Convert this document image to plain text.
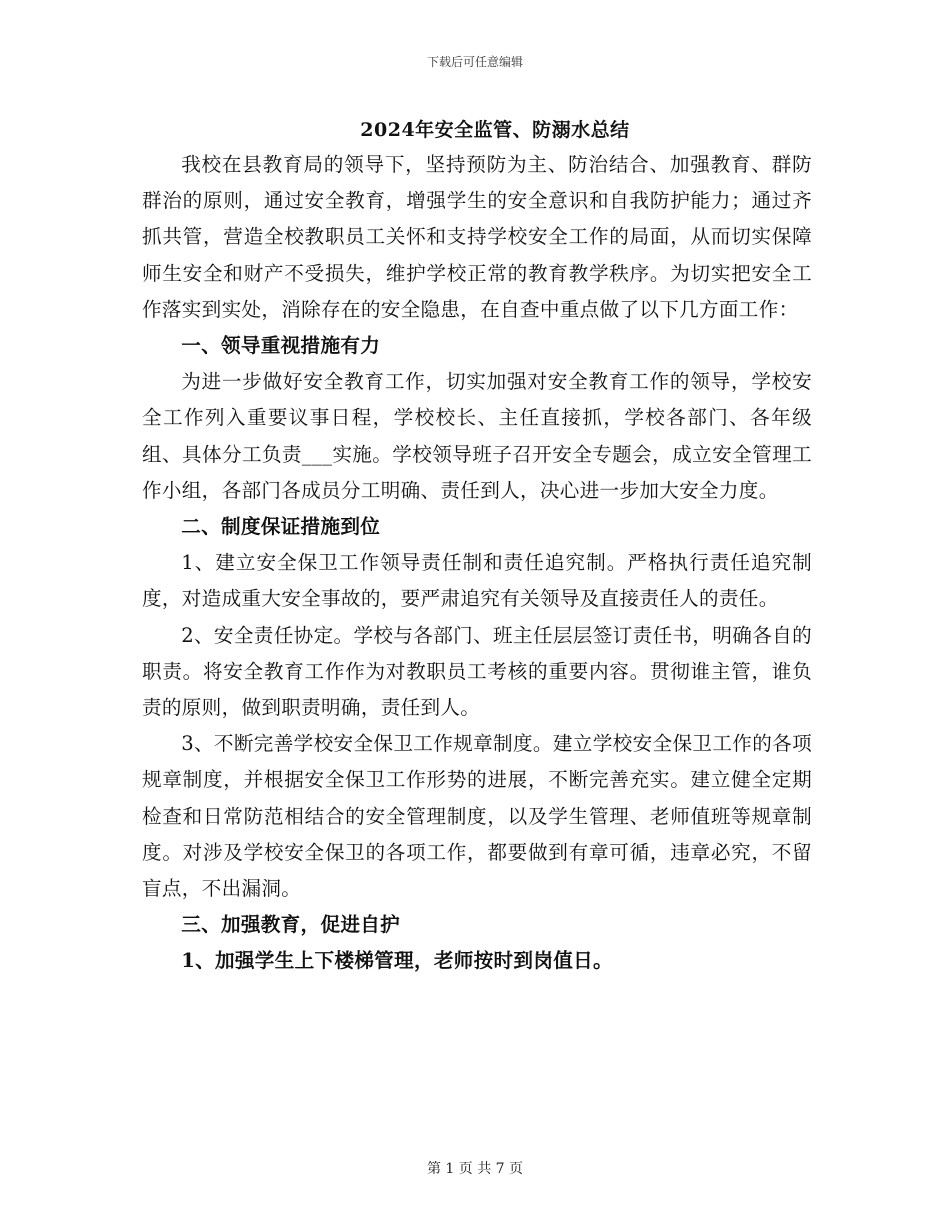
下载后可任意编辑
2024年安全监管、防溺水总结

我校在县教育局的领导下，坚持预防为主、防治结合、加强教育、群防群治的原则，通过安全教育，增强学生的安全意识和自我防护能力；通过齐抓共管，营造全校教职员工关怀和支持学校安全工作的局面，从而切实保障师生安全和财产不受损失，维护学校正常的教育教学秩序。为切实把安全工作落实到实处，消除存在的安全隐患，在自查中重点做了以下几方面工作：

一、领导重视措施有力

为进一步做好安全教育工作，切实加强对安全教育工作的领导，学校安全工作列入重要议事日程，学校校长、主任直接抓，学校各部门、各年级组、具体分工负责___实施。学校领导班子召开安全专题会，成立安全管理工作小组，各部门各成员分工明确、责任到人，决心进一步加大安全力度。

二、制度保证措施到位

1、建立安全保卫工作领导责任制和责任追究制。严格执行责任追究制度，对造成重大安全事故的，要严肃追究有关领导及直接责任人的责任。

2、安全责任协定。学校与各部门、班主任层层签订责任书，明确各自的职责。将安全教育工作作为对教职员工考核的重要内容。贯彻谁主管，谁负责的原则，做到职责明确，责任到人。

3、不断完善学校安全保卫工作规章制度。建立学校安全保卫工作的各项规章制度，并根据安全保卫工作形势的进展，不断完善充实。建立健全定期检查和日常防范相结合的安全管理制度，以及学生管理、老师值班等规章制度。对涉及学校安全保卫的各项工作，都要做到有章可循，违章必究，不留盲点，不出漏洞。

三、加强教育，促进自护

1、加强学生上下楼梯管理，老师按时到岗值日。

第 1 页 共 7 页
